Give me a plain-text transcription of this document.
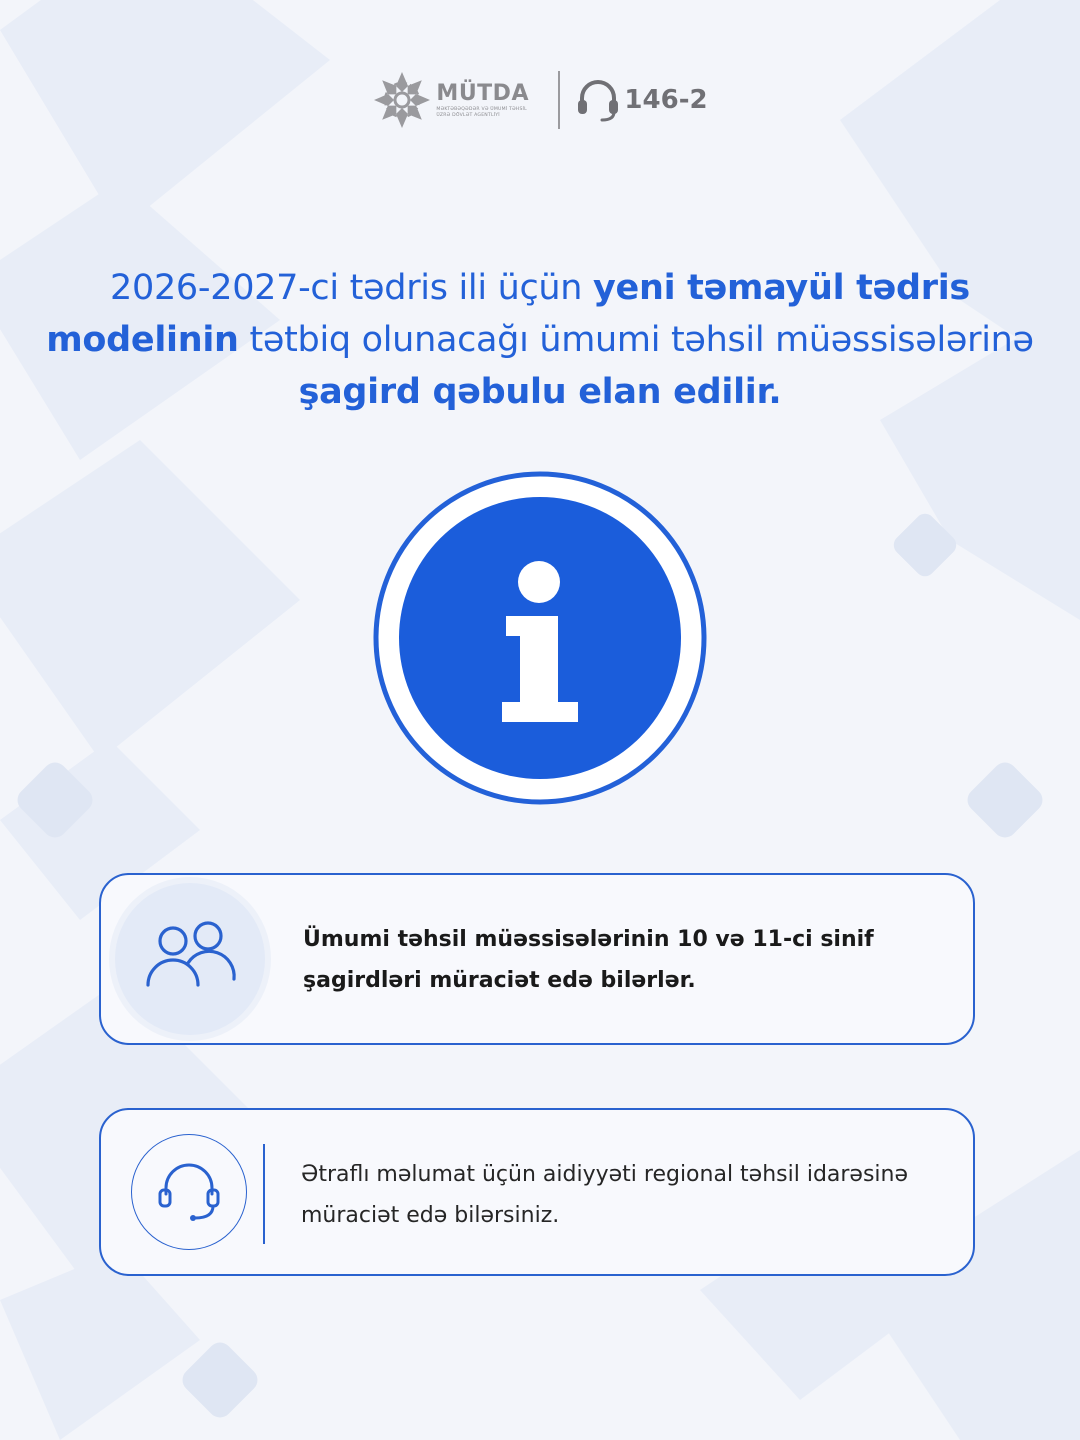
MÜTDA
MƏKTƏBƏQƏDƏR VƏ ÜMUMİ TƏHSİL ÜZRƏ DÖVLƏT AGENTLİYİ
146-2
2026-2027-ci tədris ili üçün yeni təmayül tədris modelinin tətbiq olunacağı ümumi təhsil müəssisələrinə şagird qəbulu elan edilir.
Ümumi təhsil müəssisələrinin 10 və 11-ci sinif şagirdləri müraciət edə bilərlər.
Ətraflı məlumat üçün aidiyyəti regional təhsil idarəsinə müraciət edə bilərsiniz.
